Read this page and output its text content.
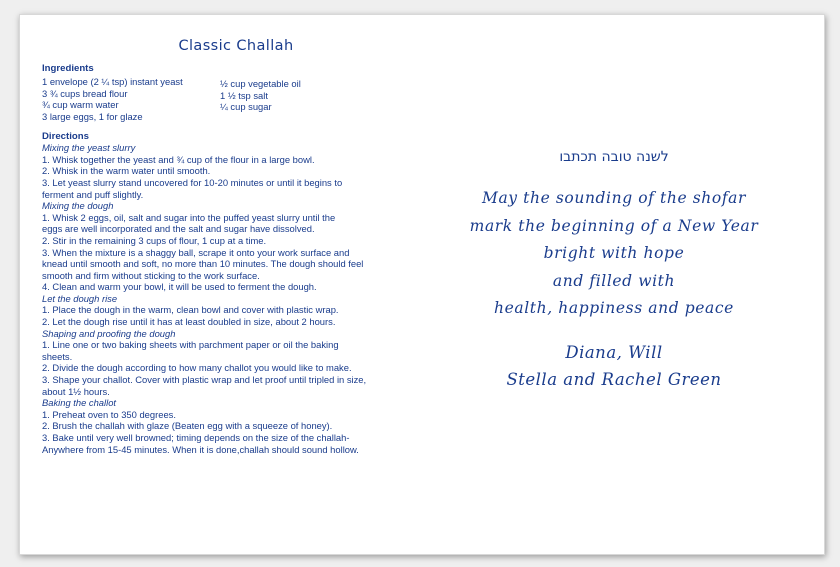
Classic Challah
Ingredients
1 envelope (2 ¼ tsp) instant yeast
3 ¾ cups bread flour
¾ cup warm water
3 large eggs, 1 for glaze
½ cup vegetable oil
1 ½ tsp salt
¼ cup sugar
Directions
Mixing the yeast slurry
1. Whisk together the yeast and ¾ cup of the flour in a large bowl.
2. Whisk in the warm water until smooth.
3. Let yeast slurry stand uncovered for 10-20 minutes or until it begins to
ferment and puff slightly.
Mixing the dough
1. Whisk 2 eggs, oil, salt and sugar into the puffed yeast slurry until the
eggs are well incorporated and the salt and sugar have dissolved.
2. Stir in the remaining 3 cups of flour, 1 cup at a time.
3. When the mixture is a shaggy ball, scrape it onto your work surface and
knead until smooth and soft, no more than 10 minutes. The dough should feel
smooth and firm without sticking to the work surface.
4. Clean and warm your bowl, it will be used to ferment the dough.
Let the dough rise
1. Place the dough in the warm, clean bowl and cover with plastic wrap.
2. Let the dough rise until it has at least doubled in size, about 2 hours.
Shaping and proofing the dough
1. Line one or two baking sheets with parchment paper or oil the baking
sheets.
2. Divide the dough according to how many challot you would like to make.
3. Shape your challot. Cover with plastic wrap and let proof until tripled in size,
about 1½ hours.
Baking the challot
1. Preheat oven to 350 degrees.
2. Brush the challah with glaze (Beaten egg with a squeeze of honey).
3. Bake until very well browned; timing depends on the size of the challah-
Anywhere from 15-45 minutes. When it is done,challah should sound hollow.
לשנה טובה תכתבו
May the sounding of the shofar
mark the beginning of a New Year
bright with hope
and filled with
health, happiness and peace
Diana, Will
Stella and Rachel Green
